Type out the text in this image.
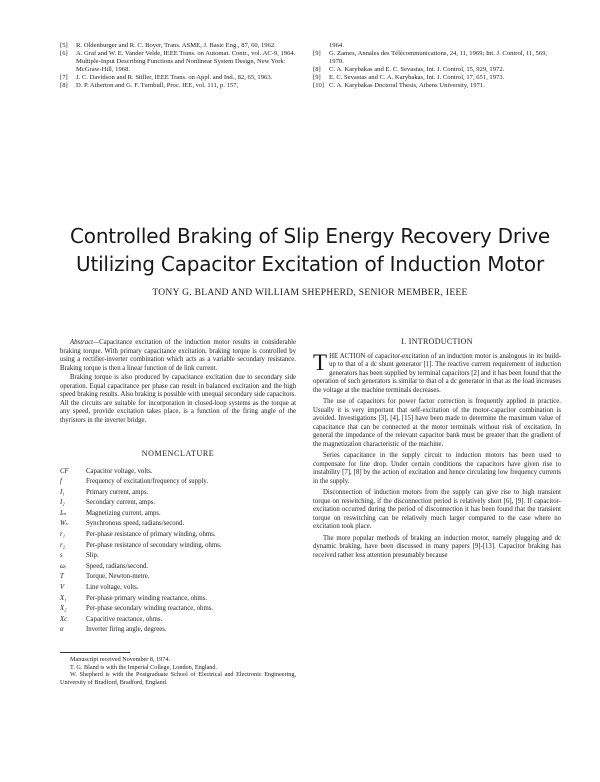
[5] R. Oldenburger and R. C. Boyer, Trans. ASME, J. Basic Eng., 87, 60, 1962.
[6] A. Graf and W. E. Vander Velde, IEEE Trans. on Automat. Contr., vol. AC-9, 1964. Multiple-Input Describing Functions and Nonlinear System Design, New York: McGraw-Hill, 1968.
[7] J. C. Davidson and R. Stiller, IEEE Trans. on Appl. and Ind., 82, 65, 1963.
[8] D. P. Atherton and G. F. Turnbull, Proc. IEE, vol. 111, p. 157,
1964.
[9] G. Zames, Annales des Télécommunications, 24, 11, 1969; Int. J. Control, 11, 569, 1970.
[8] C. A. Karybakas and E. C. Sevastas, Int. J. Control, 15, 929, 1972.
[9] E. C. Sevastas and C. A. Karybakas, Int. J. Control, 17, 651, 1973.
[10] C. A. Karybakas Doctoral Thesis, Athens University, 1971.
Controlled Braking of Slip Energy Recovery Drive
Utilizing Capacitor Excitation of Induction Motor
TONY G. BLAND AND WILLIAM SHEPHERD, SENIOR MEMBER, IEEE

Abstract—Capacitance excitation of the induction motor results in considerable braking torque. With primary capacitance excitation, braking torque is controlled by using a rectifier-inverter combination which acts as a variable secondary resistance. Braking torque is then a linear function of de link current.

Braking torque is also produced by capacitance excitation due to secondary side operation. Equal capacitance per phase can result in balanced excitation and the high speed braking results. Also braking is possible with unequal secondary side capacitors. All the circuits are suitable for incorporation in closed-loop systems as the torque at any speed, provide excitation takes place, is a function of the firing angle of the thyristors in the inverter bridge.

NOMENCLATURE
CF	Capacitor voltage, volts.
f	Frequency of excitation/frequency of supply.
I₁	Primary current, amps.
I₂	Secondary current, amps.
Iₘ	Magnetizing current, amps.
Wₛ	Synchronous speed, radians/second.
r₁	Per-phase resistance of primary winding, ohms.
r₂	Per-phase resistance of secondary winding, ohms.
s	Slip.
ωᵣ	Speed, radians/second.
T	Torque, Newton-metre.
V	Line voltage, volts.
X₁	Per-phase primary winding reactance, ohms.
X₂	Per-phase secondary winding reactance, ohms.
Xc	Capacitive reactance, ohms.
α	Inverter firing angle, degrees.

Manuscript received November 8, 1974.

T. G. Bland is with the Imperial College, London, England.

W. Shepherd is with the Postgraduate School of Electrical and Electronic Engineering, University of Bradford, Bradford, England.

I. INTRODUCTION

THE ACTION of capacitor-excitation of an induction motor is analogous in its build-up to that of a dc shunt generator [1]. The reactive current requirement of induction generators has been supplied by terminal capacitors [2] and it has been found that the operation of such generators is similar to that of a dc generator in that as the load increases the voltage at the machine terminals decreases.

The use of capacitors for power factor correction is frequently applied in practice. Usually it is very important that self-excitation of the motor-capacitor combination is avoided. Investigations [3], [4], [15] have been made to determine the maximum value of capacitance that can be connected at the motor terminals without risk of excitation. In general the impedance of the relevant capacitor bank must be greater than the gradient of the magnetization characteristic of the machine.

Series capacitance in the supply circuit to induction motors has been used to compensate for line drop. Under certain conditions the capacitors have given rise to instability [7], [8] by the action of excitation and hence circulating low frequency currents in the supply.

Disconnection of induction motors from the supply can give rise to high transient torque on reswitching, if the disconnection period is relatively short [6], [9]. If capacitor-excitation occurred during the period of disconnection it has been found that the transient torque on reswitching can be relatively much larger compared to the case where no excitation took place.

The more popular methods of braking an induction motor, namely plugging and dc dynamic braking, have been discussed in many papers [9]-[13]. Capacitor braking has received rather less attention presumably because
